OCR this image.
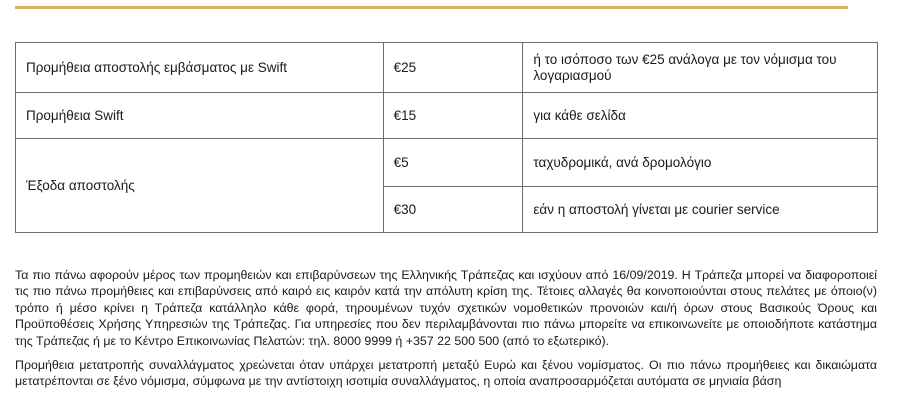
Προμήθεια αποστολής εμβάσματος με Swift	€25	ή το ισόποσο των €25 ανάλογα με τον νόμισμα του λογαριασμού
Προμήθεια Swift	€15	για κάθε σελίδα
Έξοδα αποστολής	€5	ταχυδρομικά, ανά δρομολόγιο
	€30	εάν η αποστολή γίνεται με courier service

Τα πιο πάνω αφορούν μέρος των προμηθειών και επιβαρύνσεων της Ελληνικής Τράπεζας και ισχύουν από 16/09/2019. Η Τράπεζα μπορεί να διαφοροποιεί τις πιο πάνω προμήθειες και επιβαρύνσεις από καιρό εις καιρόν κατά την απόλυτη κρίση της. Τέτοιες αλλαγές θα κοινοποιούνται στους πελάτες με όποιο(ν) τρόπο ή μέσο κρίνει η Τράπεζα κατάλληλο κάθε φορά, τηρουμένων τυχόν σχετικών νομοθετικών προνοιών και/ή όρων στους Βασικούς Όρους και Προϋποθέσεις Χρήσης Υπηρεσιών της Τράπεζας. Για υπηρεσίες που δεν περιλαμβάνονται πιο πάνω μπορείτε να επικοινωνείτε με οποιοδήποτε κατάστημα της Τράπεζας ή με το Κέντρο Επικοινωνίας Πελατών: τηλ. 8000 9999 ή +357 22 500 500 (από το εξωτερικό).

Προμήθεια μετατροπής συναλλάγματος χρεώνεται όταν υπάρχει μετατροπή μεταξύ Ευρώ και ξένου νομίσματος. Οι πιο πάνω προμήθειες και δικαιώματα μετατρέπονται σε ξένο νόμισμα, σύμφωνα με την αντίστοιχη ισοτιμία συναλλάγματος, η οποία αναπροσαρμόζεται αυτόματα σε μηνιαία βάση
